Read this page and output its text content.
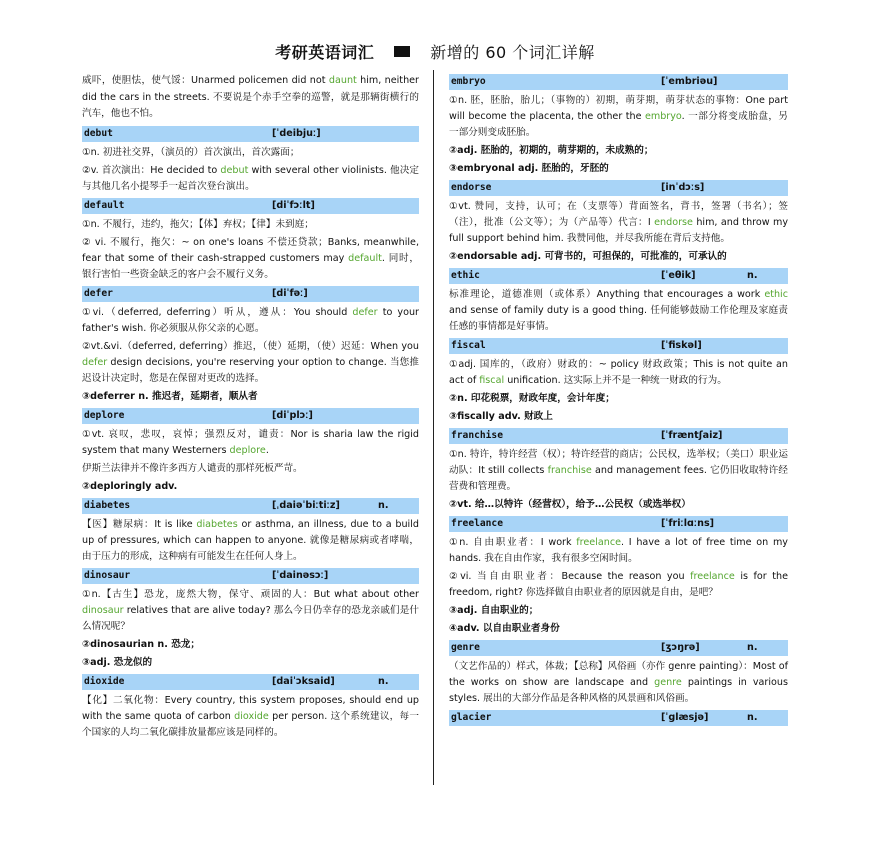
考研英语词汇	新增的 60 个词汇详解

威吓，使胆怯，使气馁：Unarmed policemen did not daunt him, neither did the cars in the streets. 不要说是个赤手空拳的巡警，就是那辆街横行的汽车，他也不怕。

debut	[ˈdeibjuː]

①n. 初进社交界，（演员的）首次演出，首次露面；

②v. 首次演出：He decided to debut with several other violinists. 他决定与其他几名小提琴手一起首次登台演出。

default	[diˈfɔːlt]

①n. 不履行，违约，拖欠；【体】弃权；【律】未到庭；

② vi. 不履行，拖欠：~ on one's loans 不偿还贷款；Banks, meanwhile, fear that some of their cash-strapped customers may default. 同时，银行害怕一些资金缺乏的客户会不履行义务。

defer	[diˈfəː]

①vi.（deferred, deferring）听从，遵从：You should defer to your father's wish. 你必须服从你父亲的心愿。

②vt.&vi.（deferred, deferring）推迟，（使）延期，（使）迟延：When you defer design decisions, you're reserving your option to change. 当您推迟设计决定时，您是在保留对更改的选择。

③deferrer n. 推迟者，延期者，顺从者

deplore	[diˈplɔː]

①vt. 哀叹，悲叹，哀悼；强烈反对，谴责：Nor is sharia law the rigid system that many Westerners deplore.

伊斯兰法律并不像许多西方人谴责的那样死板严苛。

②deploringly adv.

diabetes	[ˌdaiəˈbiːtiːz]	n.

【医】糖尿病：It is like diabetes or asthma, an illness, due to a build up of pressures, which can happen to anyone. 就像是糖尿病或者哮喘，由于压力的形成，这种病有可能发生在任何人身上。

dinosaur	[ˈdainəsɔː]

①n.【古生】恐龙，庞然大物，保守、顽固的人：But what about other dinosaur relatives that are alive today? 那么今日仍幸存的恐龙亲戚们是什么情况呢？

②dinosaurian n. 恐龙；

③adj. 恐龙似的

dioxide	[daiˈɔksaid]	n.

【化】二氧化物：Every country, this system proposes, should end up with the same quota of carbon dioxide per person. 这个系统建议，每一个国家的人均二氧化碳排放量都应该是同样的。

embryo	[ˈembriəu]

①n. 胚，胚胎，胎儿；（事物的）初期，萌芽期，萌芽状态的事物：One part will become the placenta, the other the embryo. 一部分将变成胎盘，另一部分则变成胚胎。

②adj. 胚胎的，初期的，萌芽期的，未成熟的；

③embryonal adj. 胚胎的，牙胚的

endorse	[inˈdɔːs]

①vt. 赞同，支持，认可；在（支票等）背面签名，背书，签署（书名）；签（注），批准（公文等）；为（产品等）代言：I endorse him, and throw my full support behind him. 我赞同他，并尽我所能在背后支持他。

②endorsable adj. 可背书的，可担保的，可批准的，可承认的

ethic	[ˈeθik]	n.

标准理论，道德准则（或体系）Anything that encourages a work ethic and sense of family duty is a good thing. 任何能够鼓励工作伦理及家庭责任感的事情都是好事情。

fiscal	[ˈfiskəl]

①adj. 国库的，（政府）财政的：~ policy 财政政策；This is not quite an act of fiscal unification. 这实际上并不是一种统一财政的行为。

②n. 印花税票，财政年度，会计年度；

③fiscally adv. 财政上

franchise	[ˈfræntʃaiz]

①n. 特许，特许经营（权）；特许经营的商店；公民权，选举权；（美口）职业运动队：It still collects franchise and management fees. 它仍旧收取特许经营费和管理费。

②vt. 给…以特许（经营权），给予…公民权（或选举权）

freelance	[ˈfriːlɑːns]

①n. 自由职业者：I work freelance. I have a lot of free time on my hands. 我在自由作家，我有很多空闲时间。

②vi. 当自由职业者：Because the reason you freelance is for the freedom, right? 你选择做自由职业者的原因就是自由，是吧？

③adj. 自由职业的；

④adv. 以自由职业者身份

genre	[ʒɔŋrə]	n.

（文艺作品的）样式，体裁；【总称】风俗画（亦作 genre painting）：Most of the works on show are landscape and genre paintings in various styles. 展出的大部分作品是各种风格的风景画和风俗画。

glacier	[ˈglæsjə]	n.
